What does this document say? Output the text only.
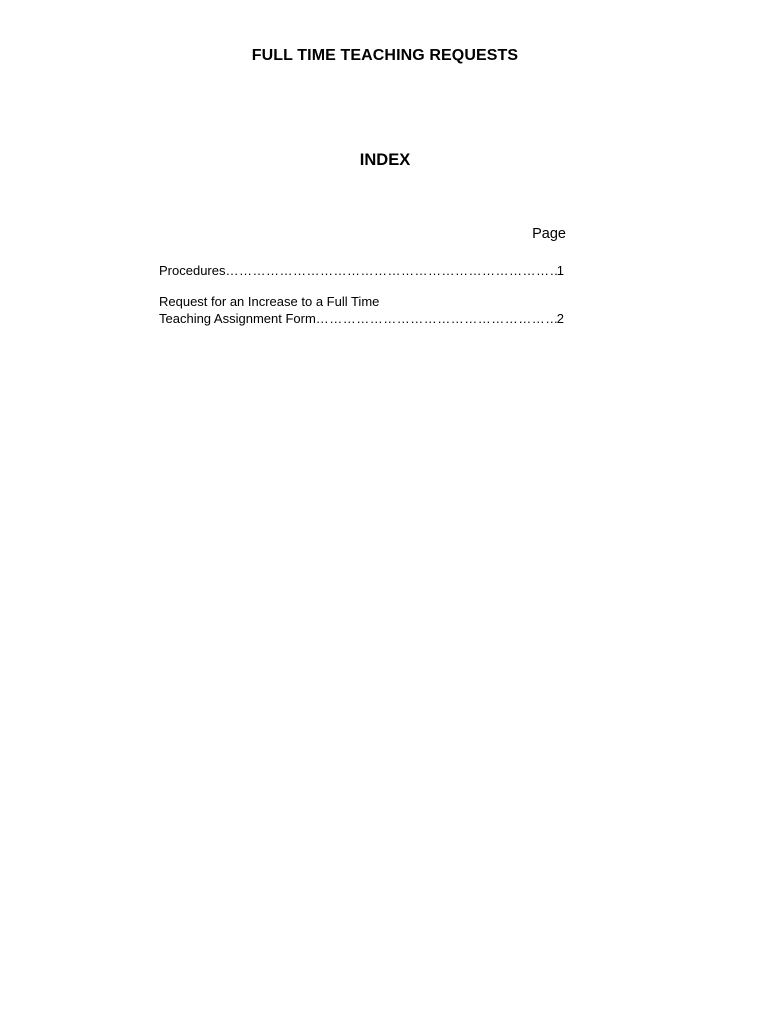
FULL TIME TEACHING REQUESTS
INDEX
Page
Procedures ……………………………………………………………………………………………………………………………………………………………	1
Request for an Increase to a Full Time
Teaching Assignment Form ……………………………………………………………………………………………………………………………………………………………	2
